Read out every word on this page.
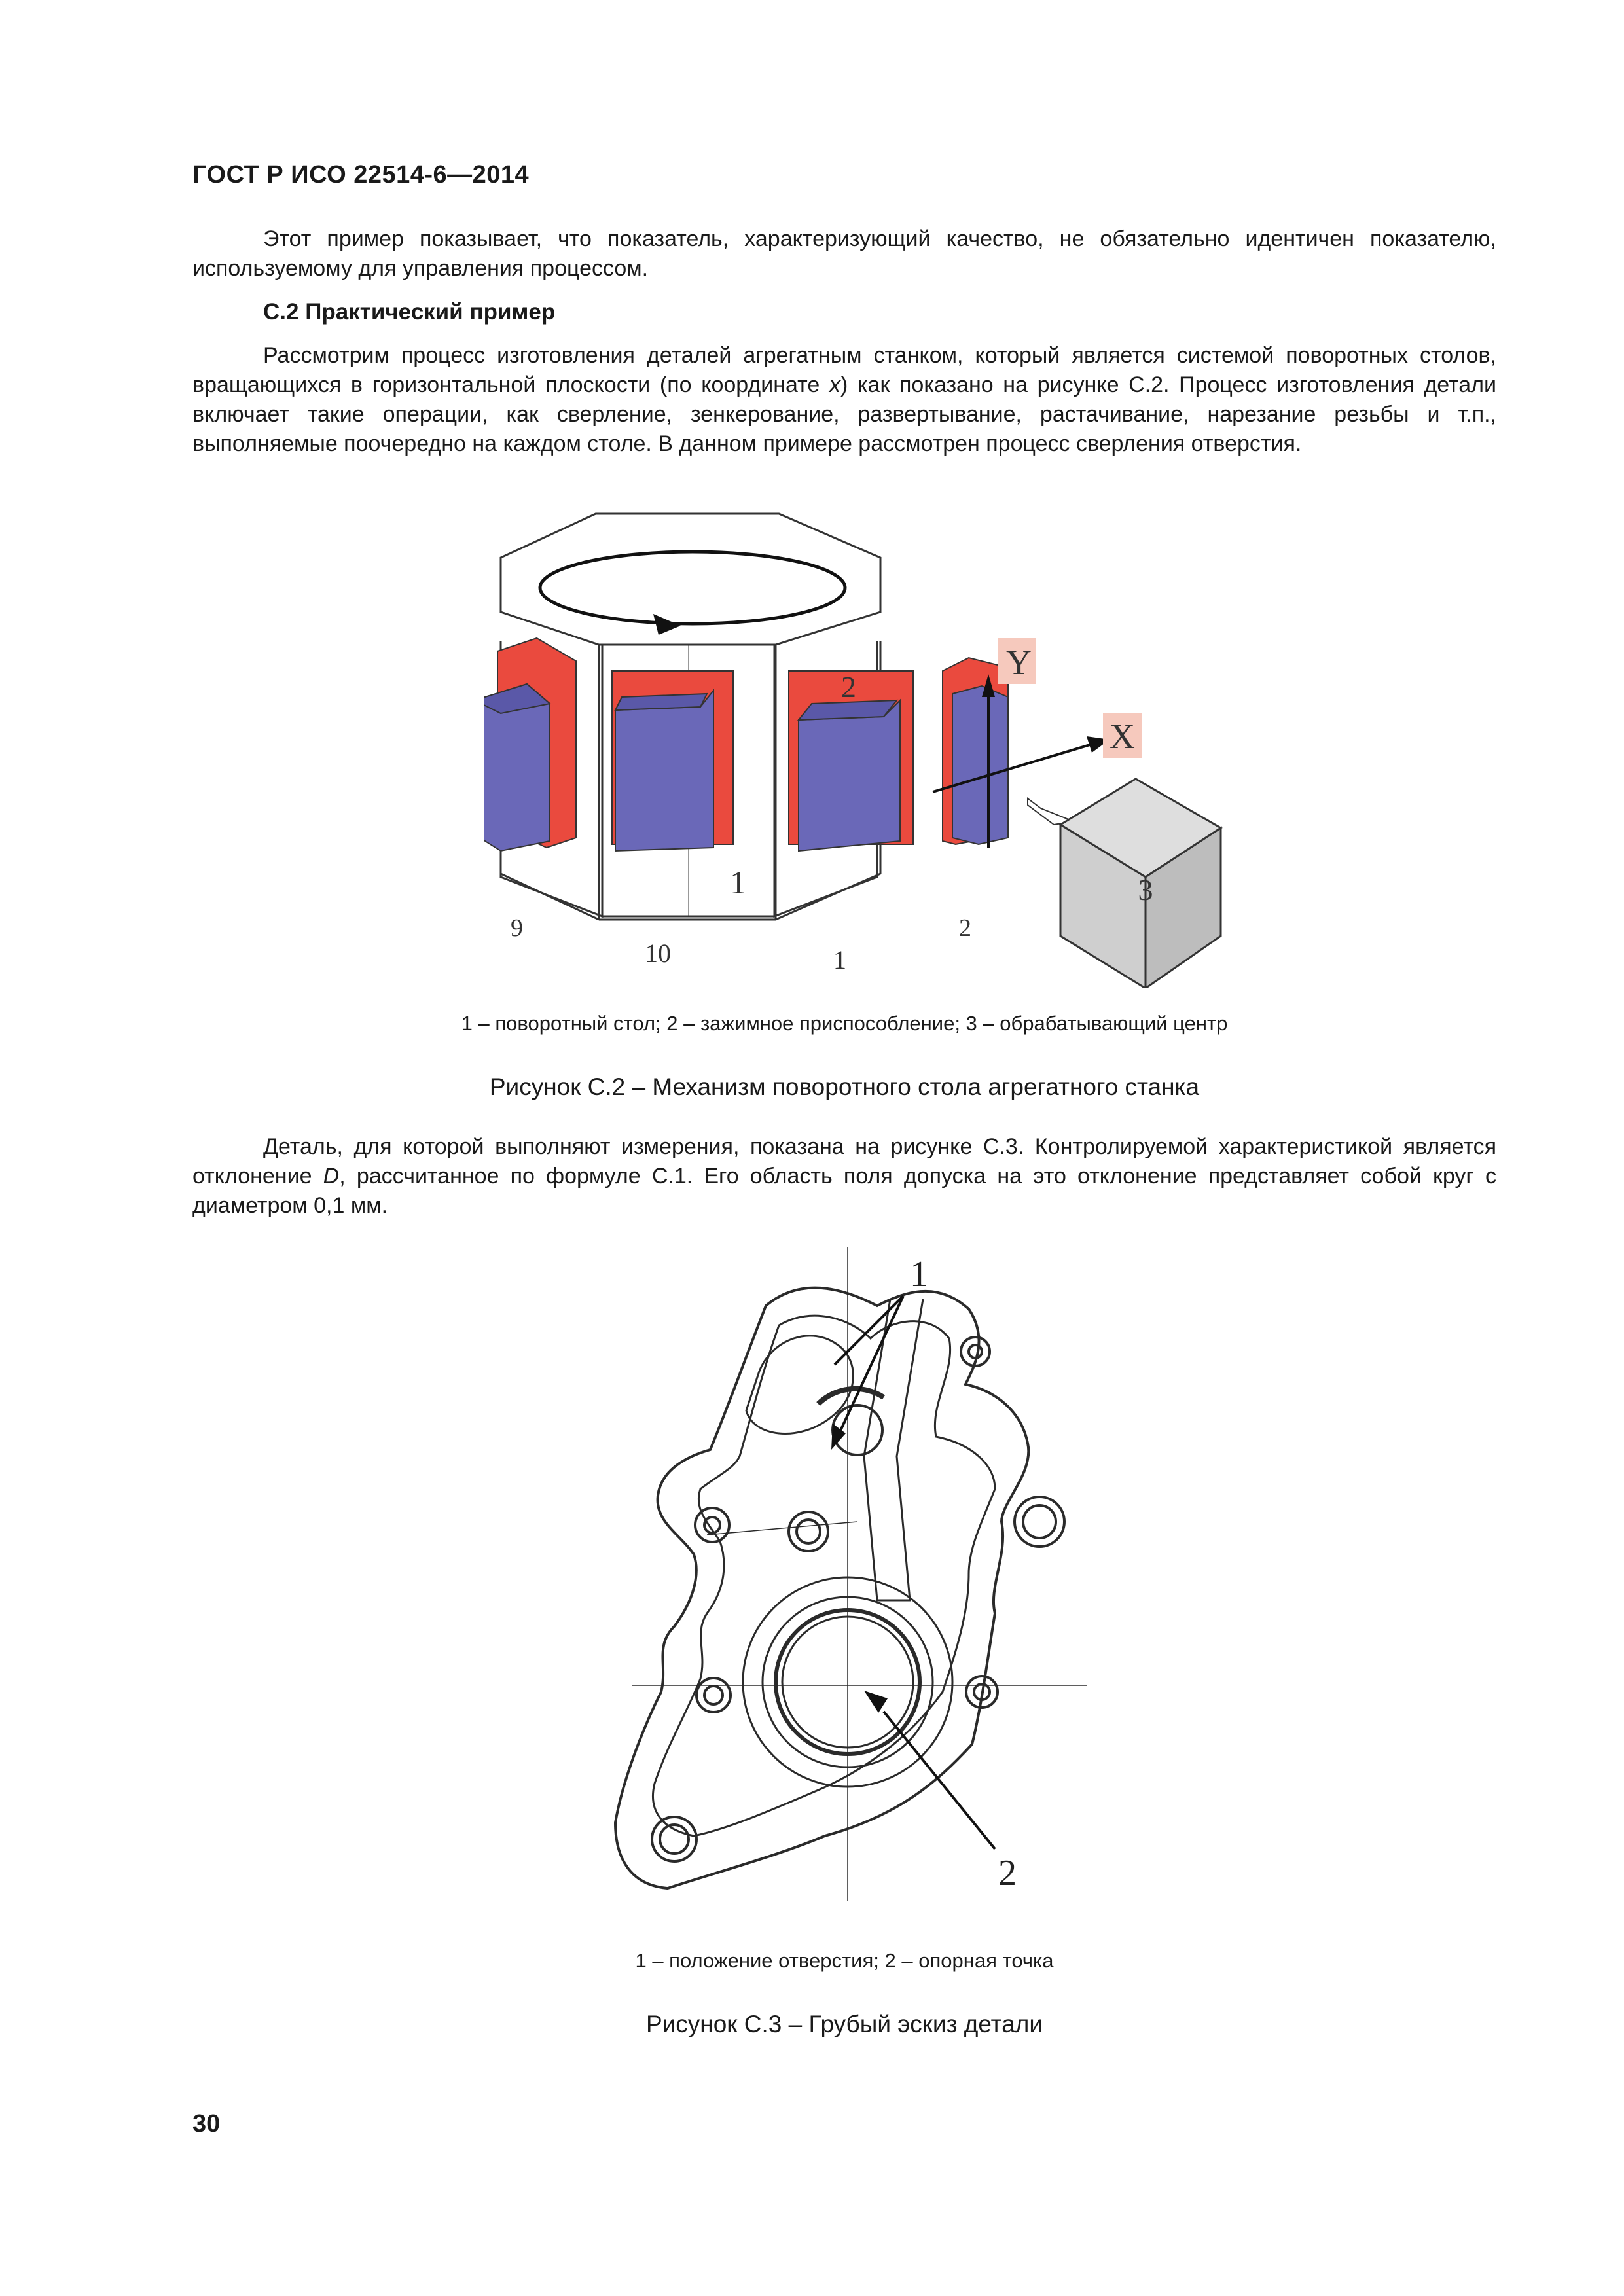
ГОСТ Р ИСО 22514-6—2014

Этот пример показывает, что показатель, характеризующий качество, не обязательно идентичен показателю, используемому для управления процессом.

С.2 Практический пример

Рассмотрим процесс изготовления деталей агрегатным станком, который является системой поворотных столов, вращающихся в горизонтальной плоскости (по координате x) как показано на рисунке С.2. Процесс изготовления детали включает такие операции, как сверление, зенкерование, развертывание, растачивание, нарезание резьбы и т.п., выполняемые поочередно на каждом столе. В данном примере рассмотрен процесс сверления отверстия.

Y
X
3
2
1
9
10	1
2
1 – поворотный стол; 2 – зажимное приспособление; 3 – обрабатывающий центр
Рисунок С.2 – Механизм поворотного стола агрегатного станка

Деталь, для которой выполняют измерения, показана на рисунке С.3. Контролируемой характеристикой является отклонение D, рассчитанное по формуле С.1. Его область поля допуска на это отклонение представляет собой круг с диаметром 0,1 мм.

1
2
1 – положение отверстия; 2 – опорная точка
Рисунок С.3 – Грубый эскиз детали
30
